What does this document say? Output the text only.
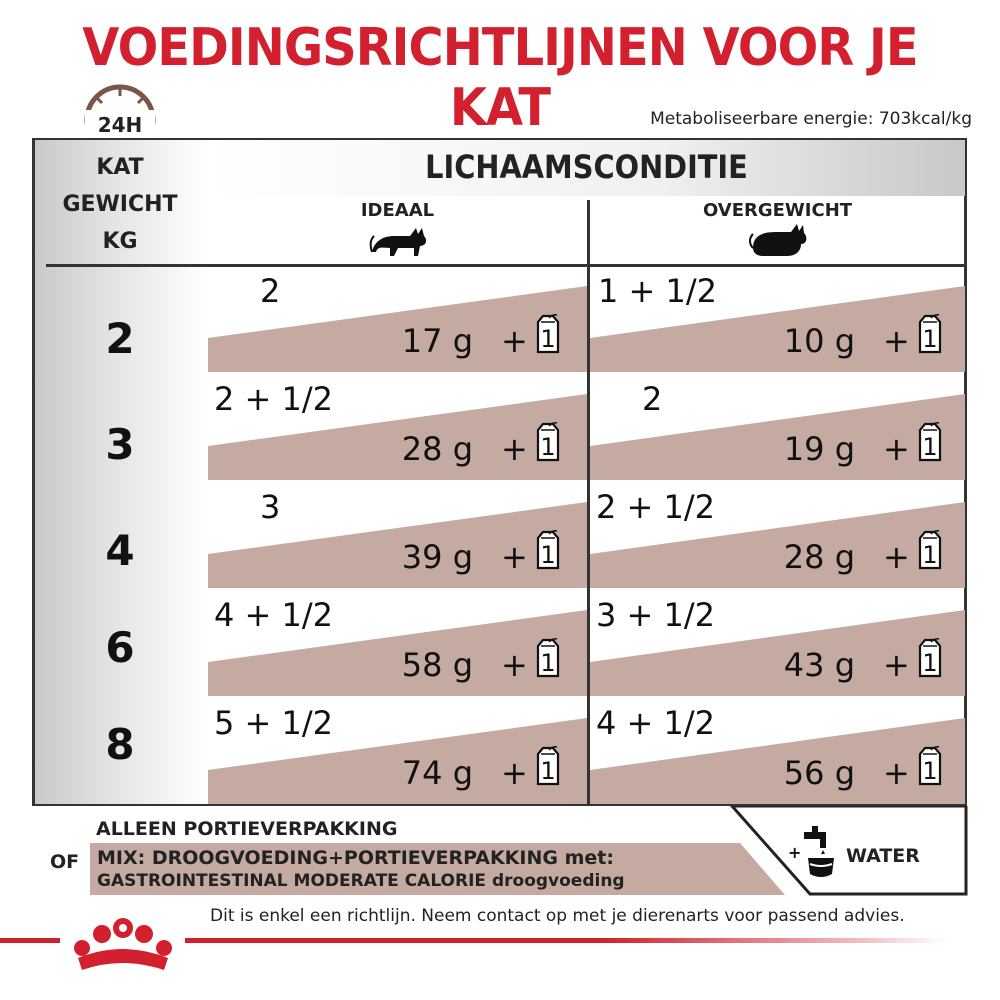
VOEDINGSRICHTLIJNEN VOOR JE KAT
24H	Metaboliseerbare energie: 703kcal/kg
KAT
GEWICHT
KG
LICHAAMSCONDITIE
IDEAAL	OVERGEWICHT
2
3
4
6
8
2
17 g + 1
1 + 1/2
10 g + 1
2 + 1/2
28 g + 1
2
19 g + 1
3
39 g + 1
2 + 1/2
28 g + 1
4 + 1/2
58 g + 1
3 + 1/2
43 g + 1
5 + 1/2
74 g + 1
4 + 1/2
56 g + 1
ALLEEN PORTIEVERPAKKING
OF MIX: DROOGVOEDING+PORTIEVERPAKKING met:
GASTROINTESTINAL MODERATE CALORIE droogvoeding
+ WATER
Dit is enkel een richtlijn. Neem contact op met je dierenarts voor passend advies.
